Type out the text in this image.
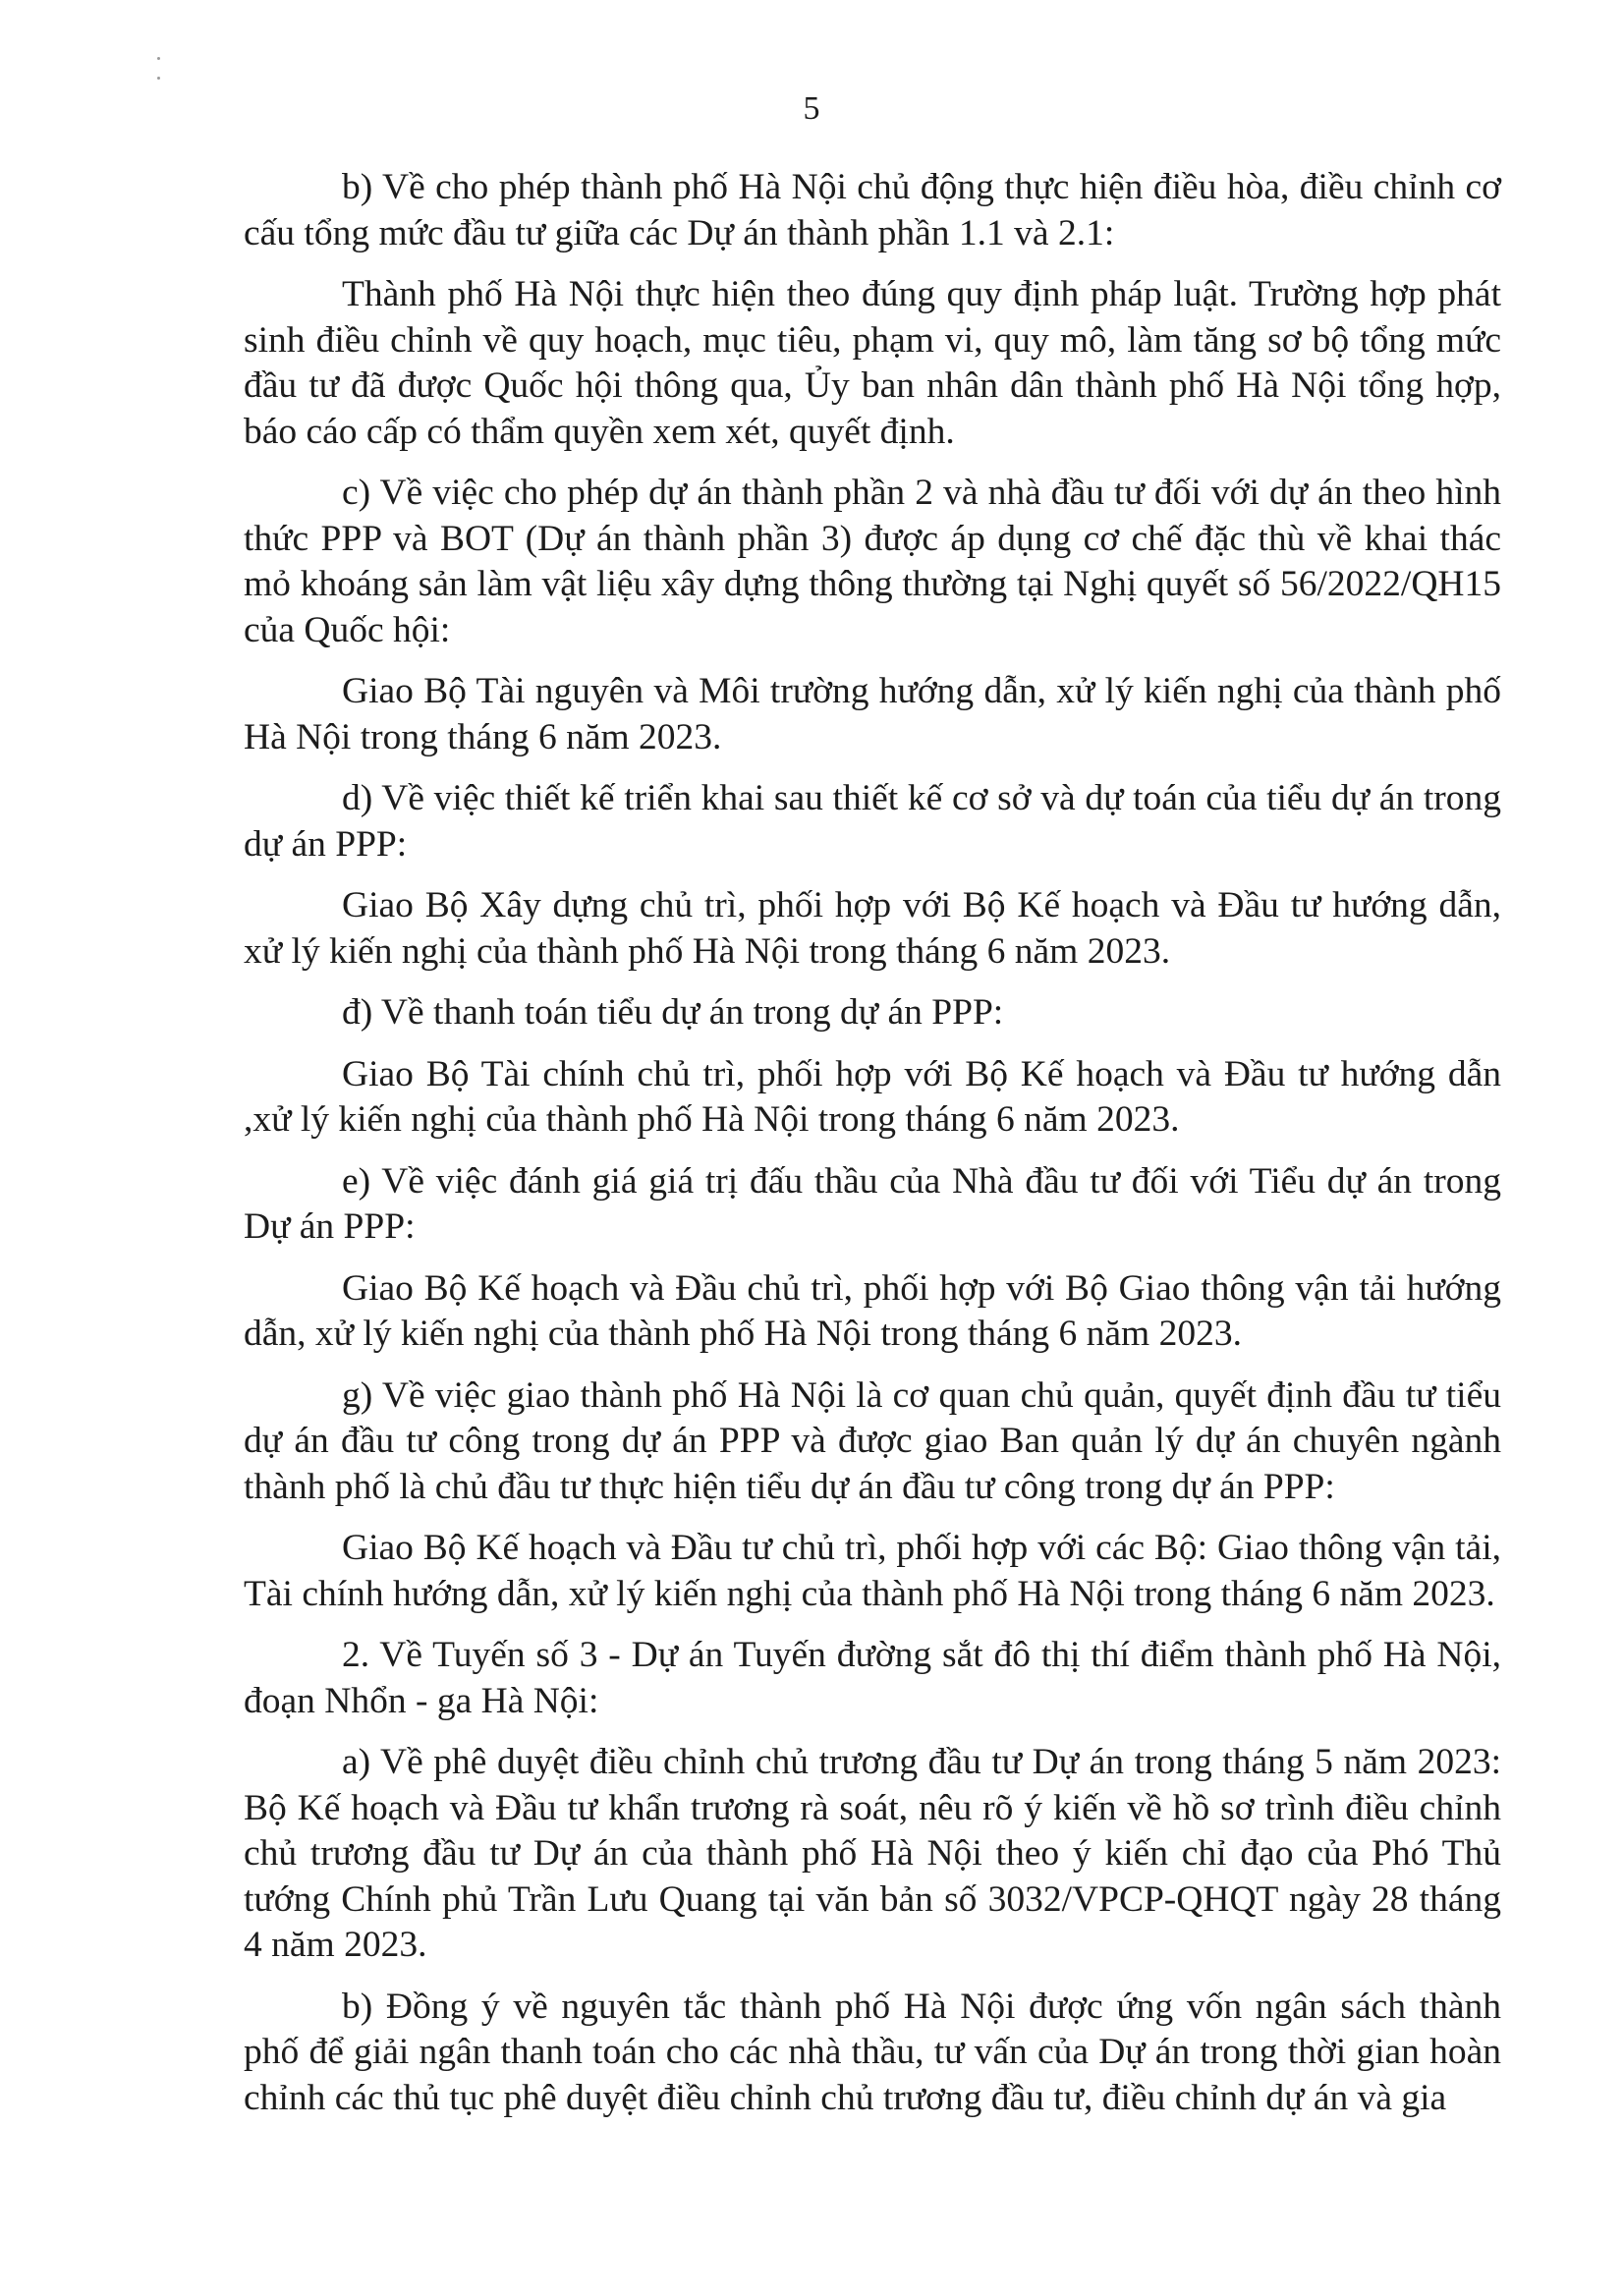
5

b) Về cho phép thành phố Hà Nội chủ động thực hiện điều hòa, điều chỉnh cơ cấu tổng mức đầu tư giữa các Dự án thành phần 1.1 và 2.1:

Thành phố Hà Nội thực hiện theo đúng quy định pháp luật. Trường hợp phát sinh điều chỉnh về quy hoạch, mục tiêu, phạm vi, quy mô, làm tăng sơ bộ tổng mức đầu tư đã được Quốc hội thông qua, Ủy ban nhân dân thành phố Hà Nội tổng hợp, báo cáo cấp có thẩm quyền xem xét, quyết định.

c) Về việc cho phép dự án thành phần 2 và nhà đầu tư đối với dự án theo hình thức PPP và BOT (Dự án thành phần 3) được áp dụng cơ chế đặc thù về khai thác mỏ khoáng sản làm vật liệu xây dựng thông thường tại Nghị quyết số 56/2022/QH15 của Quốc hội:

Giao Bộ Tài nguyên và Môi trường hướng dẫn, xử lý kiến nghị của thành phố Hà Nội trong tháng 6 năm 2023.

d) Về việc thiết kế triển khai sau thiết kế cơ sở và dự toán của tiểu dự án trong dự án PPP:

Giao Bộ Xây dựng chủ trì, phối hợp với Bộ Kế hoạch và Đầu tư hướng dẫn, xử lý kiến nghị của thành phố Hà Nội trong tháng 6 năm 2023.

đ) Về thanh toán tiểu dự án trong dự án PPP:

Giao Bộ Tài chính chủ trì, phối hợp với Bộ Kế hoạch và Đầu tư hướng dẫn ,xử lý kiến nghị của thành phố Hà Nội trong tháng 6 năm 2023.

e) Về việc đánh giá giá trị đấu thầu của Nhà đầu tư đối với Tiểu dự án trong Dự án PPP:

Giao Bộ Kế hoạch và Đầu chủ trì, phối hợp với Bộ Giao thông vận tải hướng dẫn, xử lý kiến nghị của thành phố Hà Nội trong tháng 6 năm 2023.

g) Về việc giao thành phố Hà Nội là cơ quan chủ quản, quyết định đầu tư tiểu dự án đầu tư công trong dự án PPP và được giao Ban quản lý dự án chuyên ngành thành phố là chủ đầu tư thực hiện tiểu dự án đầu tư công trong dự án PPP:

Giao Bộ Kế hoạch và Đầu tư chủ trì, phối hợp với các Bộ: Giao thông vận tải, Tài chính hướng dẫn, xử lý kiến nghị của thành phố Hà Nội trong tháng 6 năm 2023.

2. Về Tuyến số 3 - Dự án Tuyến đường sắt đô thị thí điểm thành phố Hà Nội, đoạn Nhổn - ga Hà Nội:

a) Về phê duyệt điều chỉnh chủ trương đầu tư Dự án trong tháng 5 năm 2023: Bộ Kế hoạch và Đầu tư khẩn trương rà soát, nêu rõ ý kiến về hồ sơ trình điều chỉnh chủ trương đầu tư Dự án của thành phố Hà Nội theo ý kiến chỉ đạo của Phó Thủ tướng Chính phủ Trần Lưu Quang tại văn bản số 3032/VPCP-QHQT ngày 28 tháng 4 năm 2023.

b) Đồng ý về nguyên tắc thành phố Hà Nội được ứng vốn ngân sách thành phố để giải ngân thanh toán cho các nhà thầu, tư vấn của Dự án trong thời gian hoàn chỉnh các thủ tục phê duyệt điều chỉnh chủ trương đầu tư, điều chỉnh dự án và gia
